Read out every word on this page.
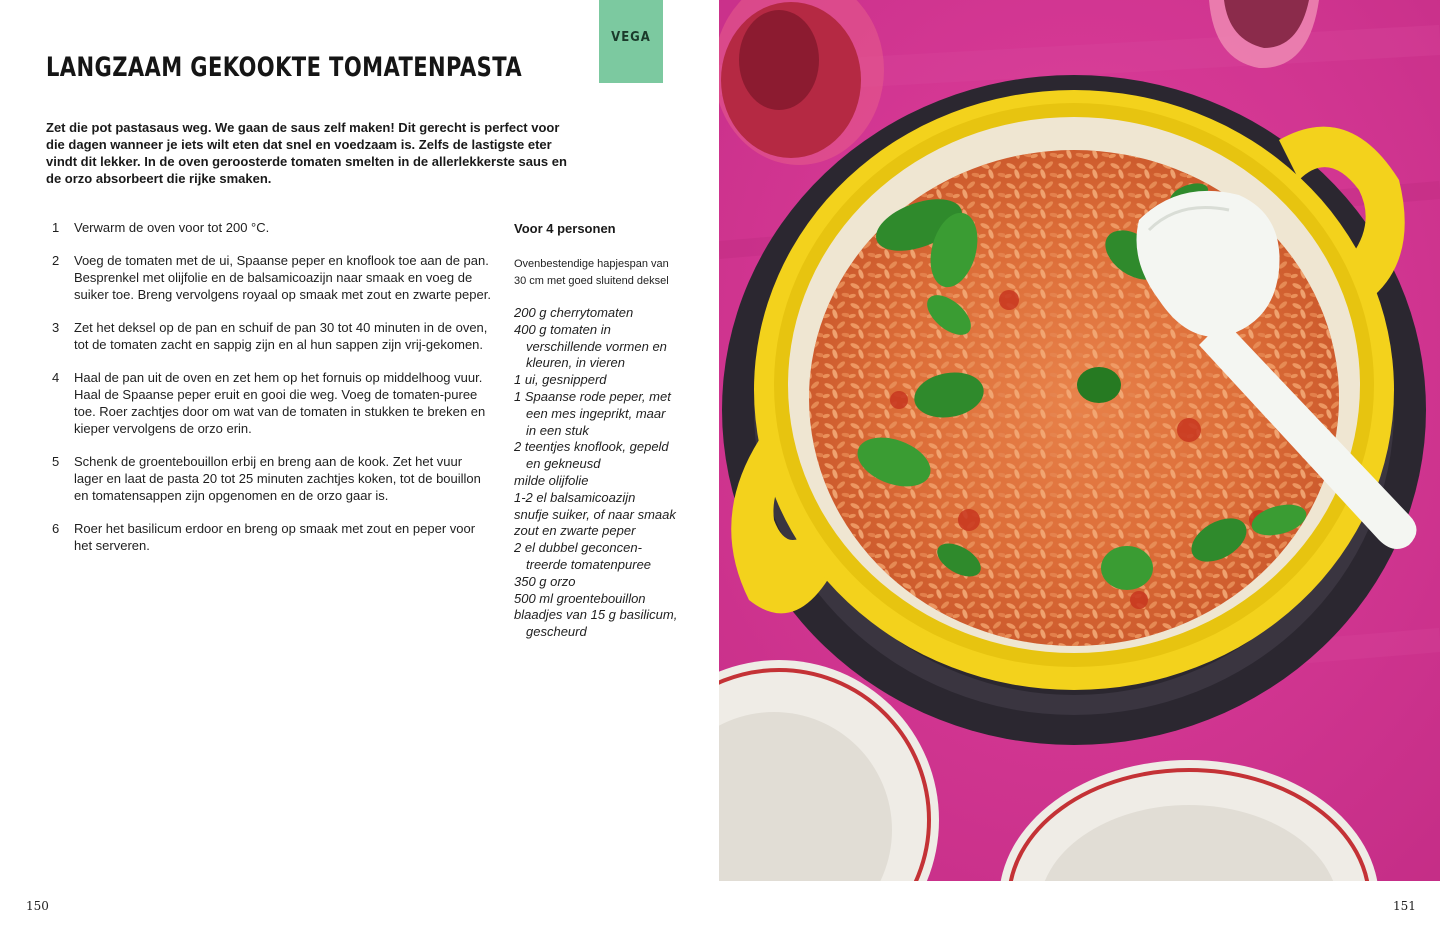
VEGA
LANGZAAM GEKOOKTE TOMATENPASTA

Zet die pot pastasaus weg. We gaan de saus zelf maken! Dit gerecht is perfect voor die dagen wanneer je iets wilt eten dat snel en voedzaam is. Zelfs de lastigste eter vindt dit lekker. In de oven geroosterde tomaten smelten in de allerlekkerste saus en de orzo absorbeert die rijke smaken.

1	Verwarm de oven voor tot 200 °C.
2	Voeg de tomaten met de ui, Spaanse peper en knoflook toe aan de pan. Besprenkel met olijfolie en de balsamicoazijn naar smaak en voeg de suiker toe. Breng vervolgens royaal op smaak met zout en zwarte peper.
3	Zet het deksel op de pan en schuif de pan 30 tot 40 minuten in de oven, tot de tomaten zacht en sappig zijn en al hun sappen zijn vrij-gekomen.
4	Haal de pan uit de oven en zet hem op het fornuis op middelhoog vuur. Haal de Spaanse peper eruit en gooi die weg. Voeg de tomaten-puree toe. Roer zachtjes door om wat van de tomaten in stukken te breken en kieper vervolgens de orzo erin.
5	Schenk de groentebouillon erbij en breng aan de kook. Zet het vuur lager en laat de pasta 20 tot 25 minuten zachtjes koken, tot de bouillon en tomatensappen zijn opgenomen en de orzo gaar is.
6	Roer het basilicum erdoor en breng op smaak met zout en peper voor het serveren.
Voor 4 personen
Ovenbestendige hapjespan van 30 cm met goed sluitend deksel
200 g cherrytomaten
400 g tomaten in verschillende vormen en kleuren, in vieren
1 ui, gesnipperd
1 Spaanse rode peper, met een mes ingeprikt, maar in een stuk
2 teentjes knoflook, gepeld en gekneusd
milde olijfolie
1-2 el balsamicoazijn
snufje suiker, of naar smaak
zout en zwarte peper
2 el dubbel geconcen-treerde tomatenpuree
350 g orzo
500 ml groentebouillon
blaadjes van 15 g basilicum, gescheurd
150	151
